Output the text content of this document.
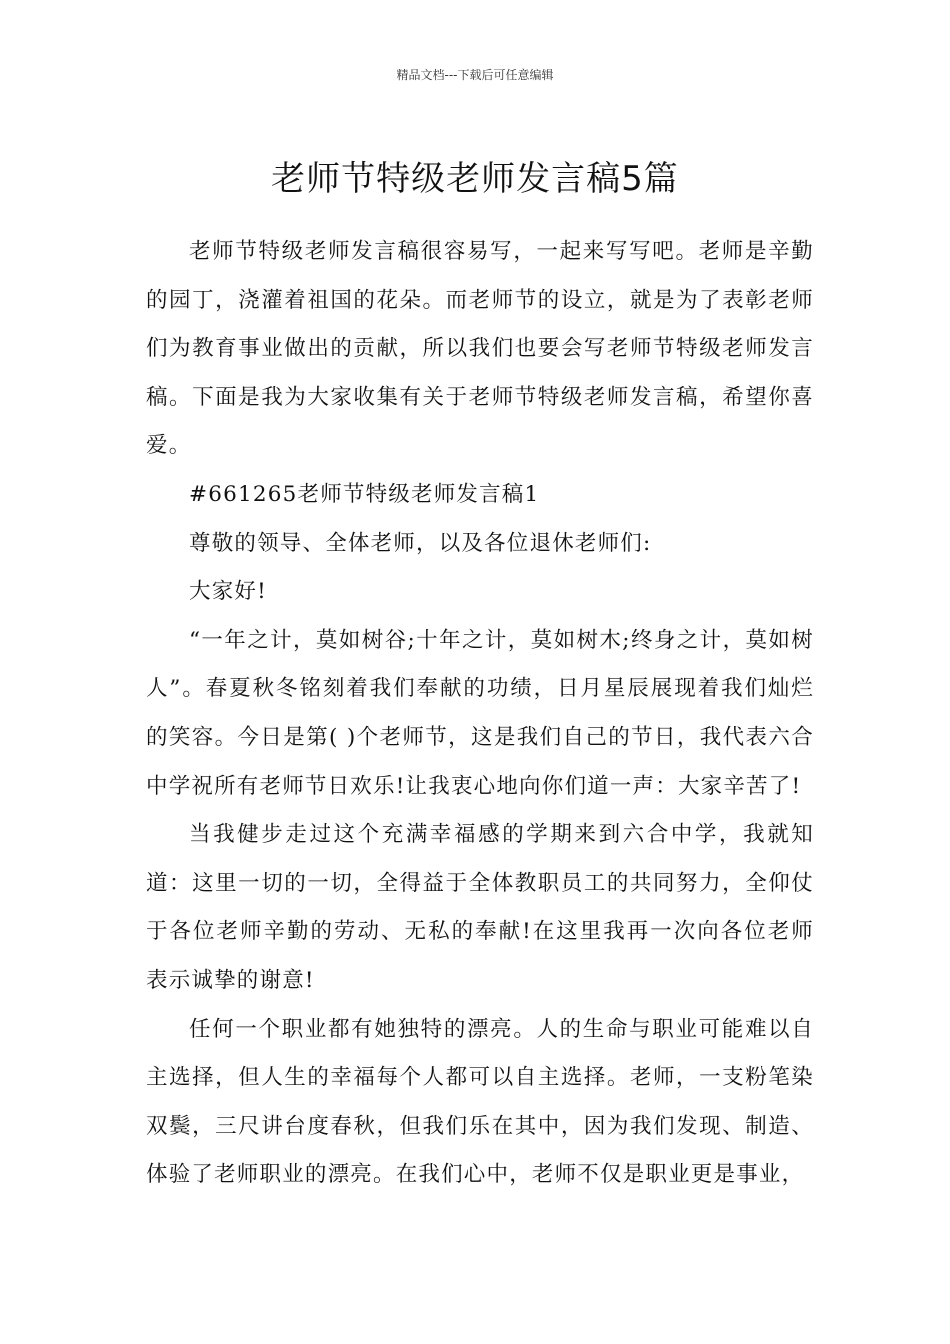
精品文档---下载后可任意编辑
老师节特级老师发言稿5篇

老师节特级老师发言稿很容易写，一起来写写吧。老师是辛勤的园丁，浇灌着祖国的花朵。而老师节的设立，就是为了表彰老师们为教育事业做出的贡献，所以我们也要会写老师节特级老师发言稿。下面是我为大家收集有关于老师节特级老师发言稿，希望你喜爱。

#661265老师节特级老师发言稿1

尊敬的领导、全体老师，以及各位退休老师们:

大家好!

“一年之计，莫如树谷;十年之计，莫如树木;终身之计，莫如树人”。春夏秋冬铭刻着我们奉献的功绩，日月星辰展现着我们灿烂的笑容。今日是第( )个老师节，这是我们自己的节日，我代表六合中学祝所有老师节日欢乐!让我衷心地向你们道一声：大家辛苦了!

当我健步走过这个充满幸福感的学期来到六合中学，我就知道：这里一切的一切，全得益于全体教职员工的共同努力，全仰仗于各位老师辛勤的劳动、无私的奉献!在这里我再一次向各位老师表示诚挚的谢意!

任何一个职业都有她独特的漂亮。人的生命与职业可能难以自主选择，但人生的幸福每个人都可以自主选择。老师，一支粉笔染双鬓，三尺讲台度春秋，但我们乐在其中，因为我们发现、制造、体验了老师职业的漂亮。在我们心中，老师不仅是职业更是事业，
